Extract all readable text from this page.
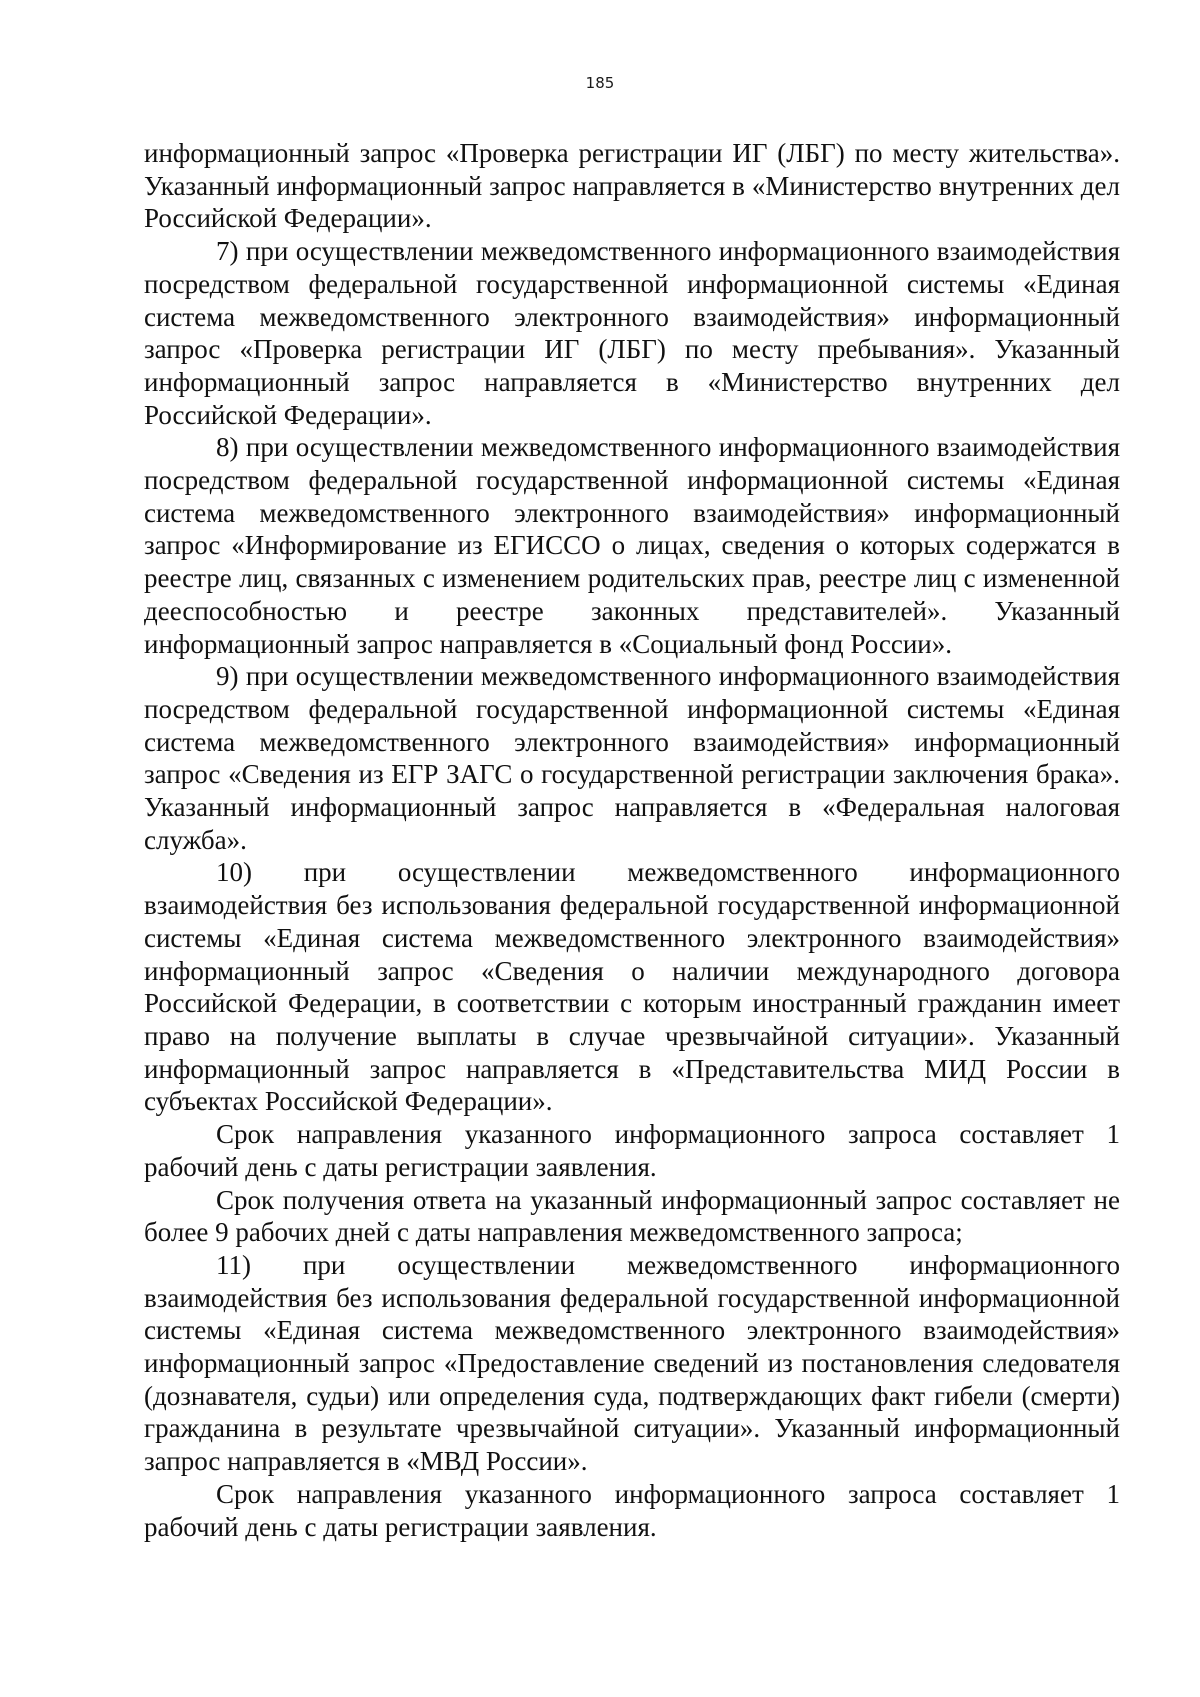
185

информационный запрос «Проверка регистрации ИГ (ЛБГ) по месту жительства». Указанный информационный запрос направляется в «Министерство внутренних дел Российской Федерации».

7) при осуществлении межведомственного информационного взаимодействия посредством федеральной государственной информационной системы «Единая система межведомственного электронного взаимодействия» информационный запрос «Проверка регистрации ИГ (ЛБГ) по месту пребывания». Указанный информационный запрос направляется в «Министерство внутренних дел Российской Федерации».

8) при осуществлении межведомственного информационного взаимодействия посредством федеральной государственной информационной системы «Единая система межведомственного электронного взаимодействия» информационный запрос «Информирование из ЕГИССО о лицах, сведения о которых содержатся в реестре лиц, связанных с изменением родительских прав, реестре лиц с измененной дееспособностью и реестре законных представителей». Указанный информационный запрос направляется в «Социальный фонд России».

9) при осуществлении межведомственного информационного взаимодействия посредством федеральной государственной информационной системы «Единая система межведомственного электронного взаимодействия» информационный запрос «Сведения из ЕГР ЗАГС о государственной регистрации заключения брака». Указанный информационный запрос направляется в «Федеральная налоговая служба».

10) при осуществлении межведомственного информационного взаимодействия без использования федеральной государственной информационной системы «Единая система межведомственного электронного взаимодействия» информационный запрос «Сведения о наличии международного договора Российской Федерации, в соответствии с которым иностранный гражданин имеет право на получение выплаты в случае чрезвычайной ситуации». Указанный информационный запрос направляется в «Представительства МИД России в субъектах Российской Федерации».

Срок направления указанного информационного запроса составляет 1 рабочий день с даты регистрации заявления.

Срок получения ответа на указанный информационный запрос составляет не более 9 рабочих дней с даты направления межведомственного запроса;

11) при осуществлении межведомственного информационного взаимодействия без использования федеральной государственной информационной системы «Единая система межведомственного электронного взаимодействия» информационный запрос «Предоставление сведений из постановления следователя (дознавателя, судьи) или определения суда, подтверждающих факт гибели (смерти) гражданина в результате чрезвычайной ситуации». Указанный информационный запрос направляется в «МВД России».

Срок направления указанного информационного запроса составляет 1 рабочий день с даты регистрации заявления.
